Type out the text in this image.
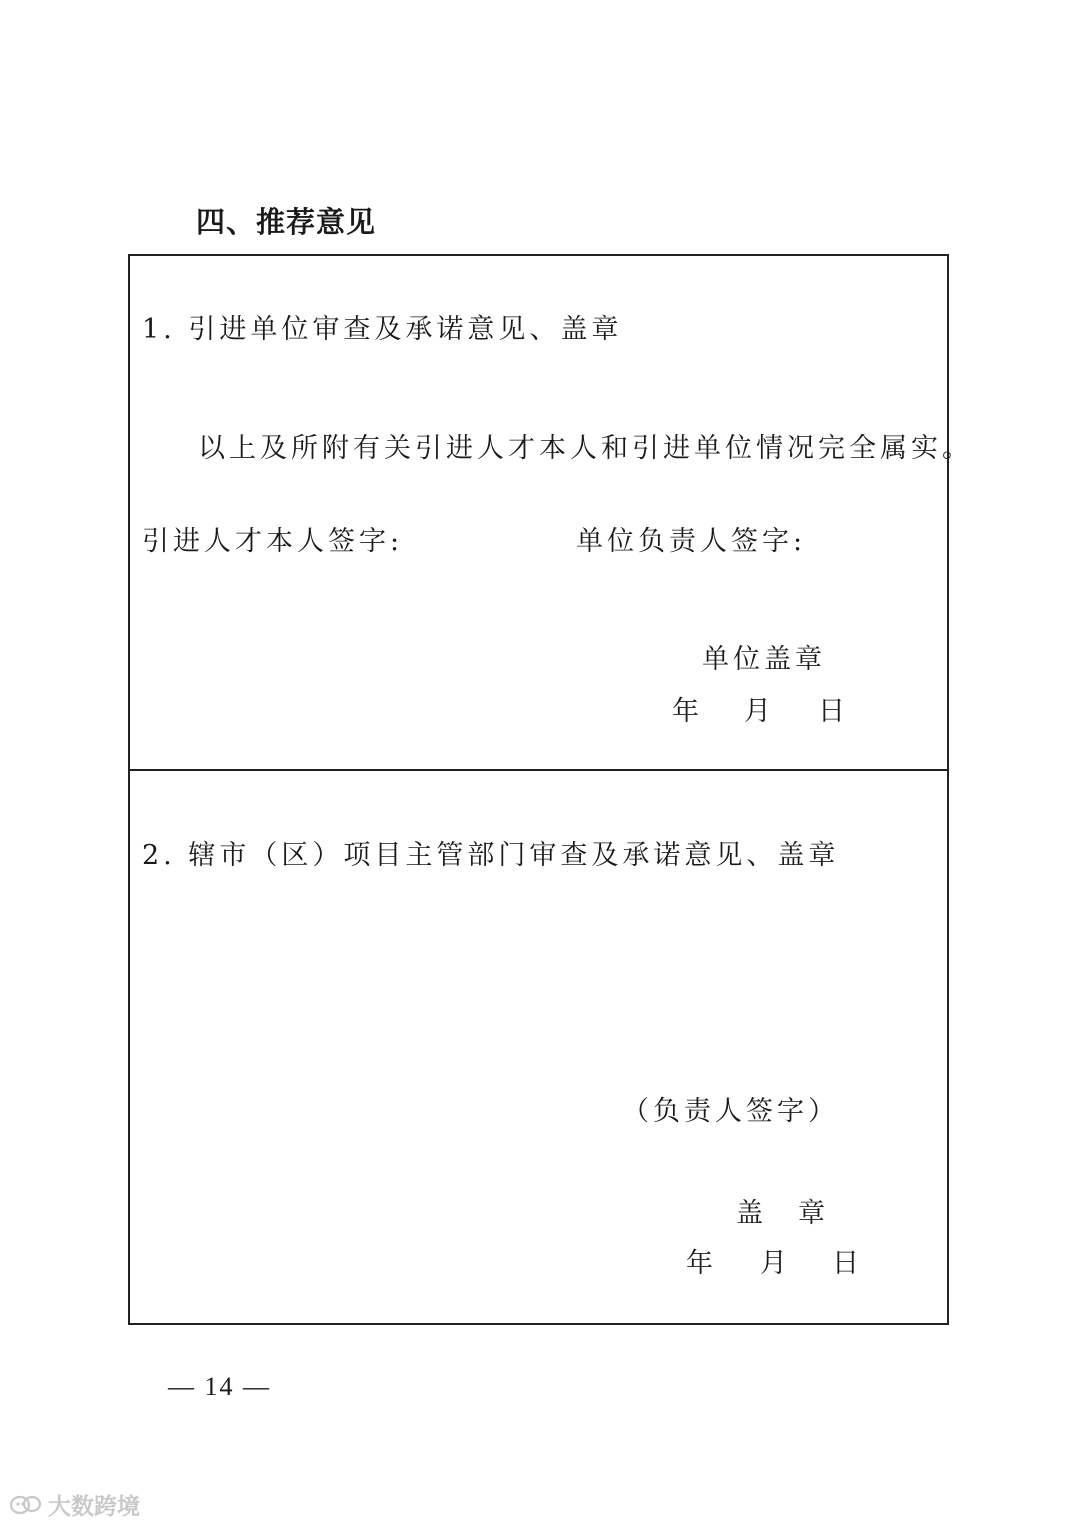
四、推荐意见
1. 引进单位审查及承诺意见、盖章
以上及所附有关引进人才本人和引进单位情况完全属实。
引进人才本人签字:	单位负责人签字:
单位盖章
年 月 日
2. 辖市（区）项目主管部门审查及承诺意见、盖章
（负责人签字）
盖　章
年 月 日
— 14 —
大数跨境
